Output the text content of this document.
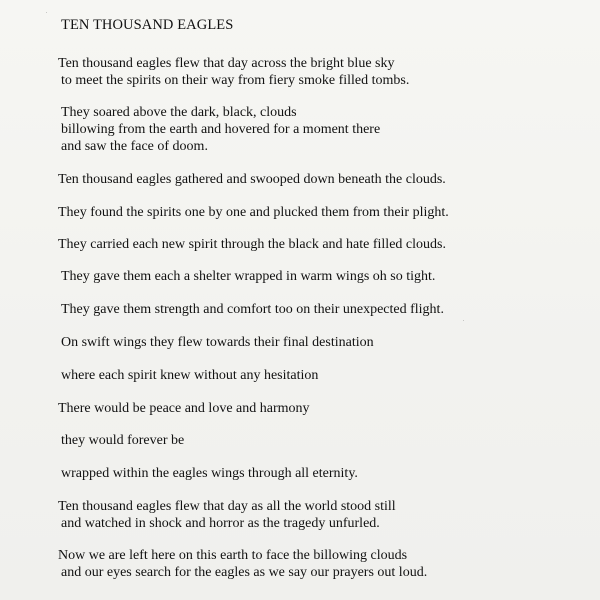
TEN THOUSAND EAGLES
Ten thousand eagles flew that day across the bright blue sky
to meet the spirits on their way from fiery smoke filled tombs.
They soared above the dark, black, clouds
billowing from the earth and hovered for a moment there
and saw the face of doom.
Ten thousand eagles gathered and swooped down beneath the clouds.
They found the spirits one by one and plucked them from their plight.
They carried each new spirit through the black and hate filled clouds.
They gave them each a shelter wrapped in warm wings oh so tight.
They gave them strength and comfort too on their unexpected flight.
On swift wings they flew towards their final destination
where each spirit knew without any hesitation
There would be peace and love and harmony
they would forever be
wrapped within the eagles wings through all eternity.
Ten thousand eagles flew that day as all the world stood still
and watched in shock and horror as the tragedy unfurled.
Now we are left here on this earth to face the billowing clouds
and our eyes search for the eagles as we say our prayers out loud.
